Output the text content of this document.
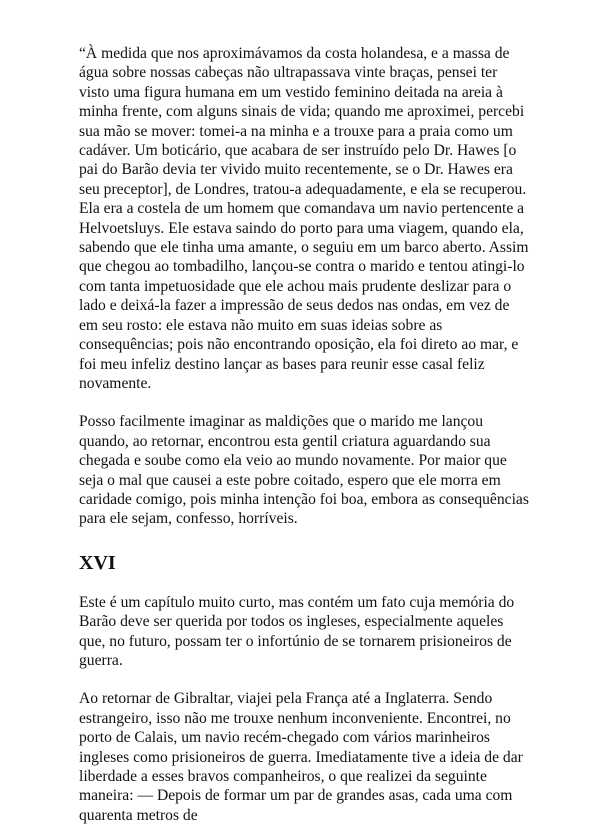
“À medida que nos aproximávamos da costa holandesa, e a massa de água sobre nossas cabeças não ultrapassava vinte braças, pensei ter visto uma figura humana em um vestido feminino deitada na areia à minha frente, com alguns sinais de vida; quando me aproximei, percebi sua mão se mover: tomei-a na minha e a trouxe para a praia como um cadáver. Um boticário, que acabara de ser instruído pelo Dr. Hawes [o pai do Barão devia ter vivido muito recentemente, se o Dr. Hawes era seu preceptor], de Londres, tratou-a adequadamente, e ela se recuperou. Ela era a costela de um homem que comandava um navio pertencente a Helvoetsluys. Ele estava saindo do porto para uma viagem, quando ela, sabendo que ele tinha uma amante, o seguiu em um barco aberto. Assim que chegou ao tombadilho, lançou-se contra o marido e tentou atingi-lo com tanta impetuosidade que ele achou mais prudente deslizar para o lado e deixá-la fazer a impressão de seus dedos nas ondas, em vez de em seu rosto: ele estava não muito em suas ideias sobre as consequências; pois não encontrando oposição, ela foi direto ao mar, e foi meu infeliz destino lançar as bases para reunir esse casal feliz novamente.

Posso facilmente imaginar as maldições que o marido me lançou quando, ao retornar, encontrou esta gentil criatura aguardando sua chegada e soube como ela veio ao mundo novamente. Por maior que seja o mal que causei a este pobre coitado, espero que ele morra em caridade comigo, pois minha intenção foi boa, embora as consequências para ele sejam, confesso, horríveis.

XVI

Este é um capítulo muito curto, mas contém um fato cuja memória do Barão deve ser querida por todos os ingleses, especialmente aqueles que, no futuro, possam ter o infortúnio de se tornarem prisioneiros de guerra.

Ao retornar de Gibraltar, viajei pela França até a Inglaterra. Sendo estrangeiro, isso não me trouxe nenhum inconveniente. Encontrei, no porto de Calais, um navio recém-chegado com vários marinheiros ingleses como prisioneiros de guerra. Imediatamente tive a ideia de dar liberdade a esses bravos companheiros, o que realizei da seguinte maneira: — Depois de formar um par de grandes asas, cada uma com quarenta metros de
